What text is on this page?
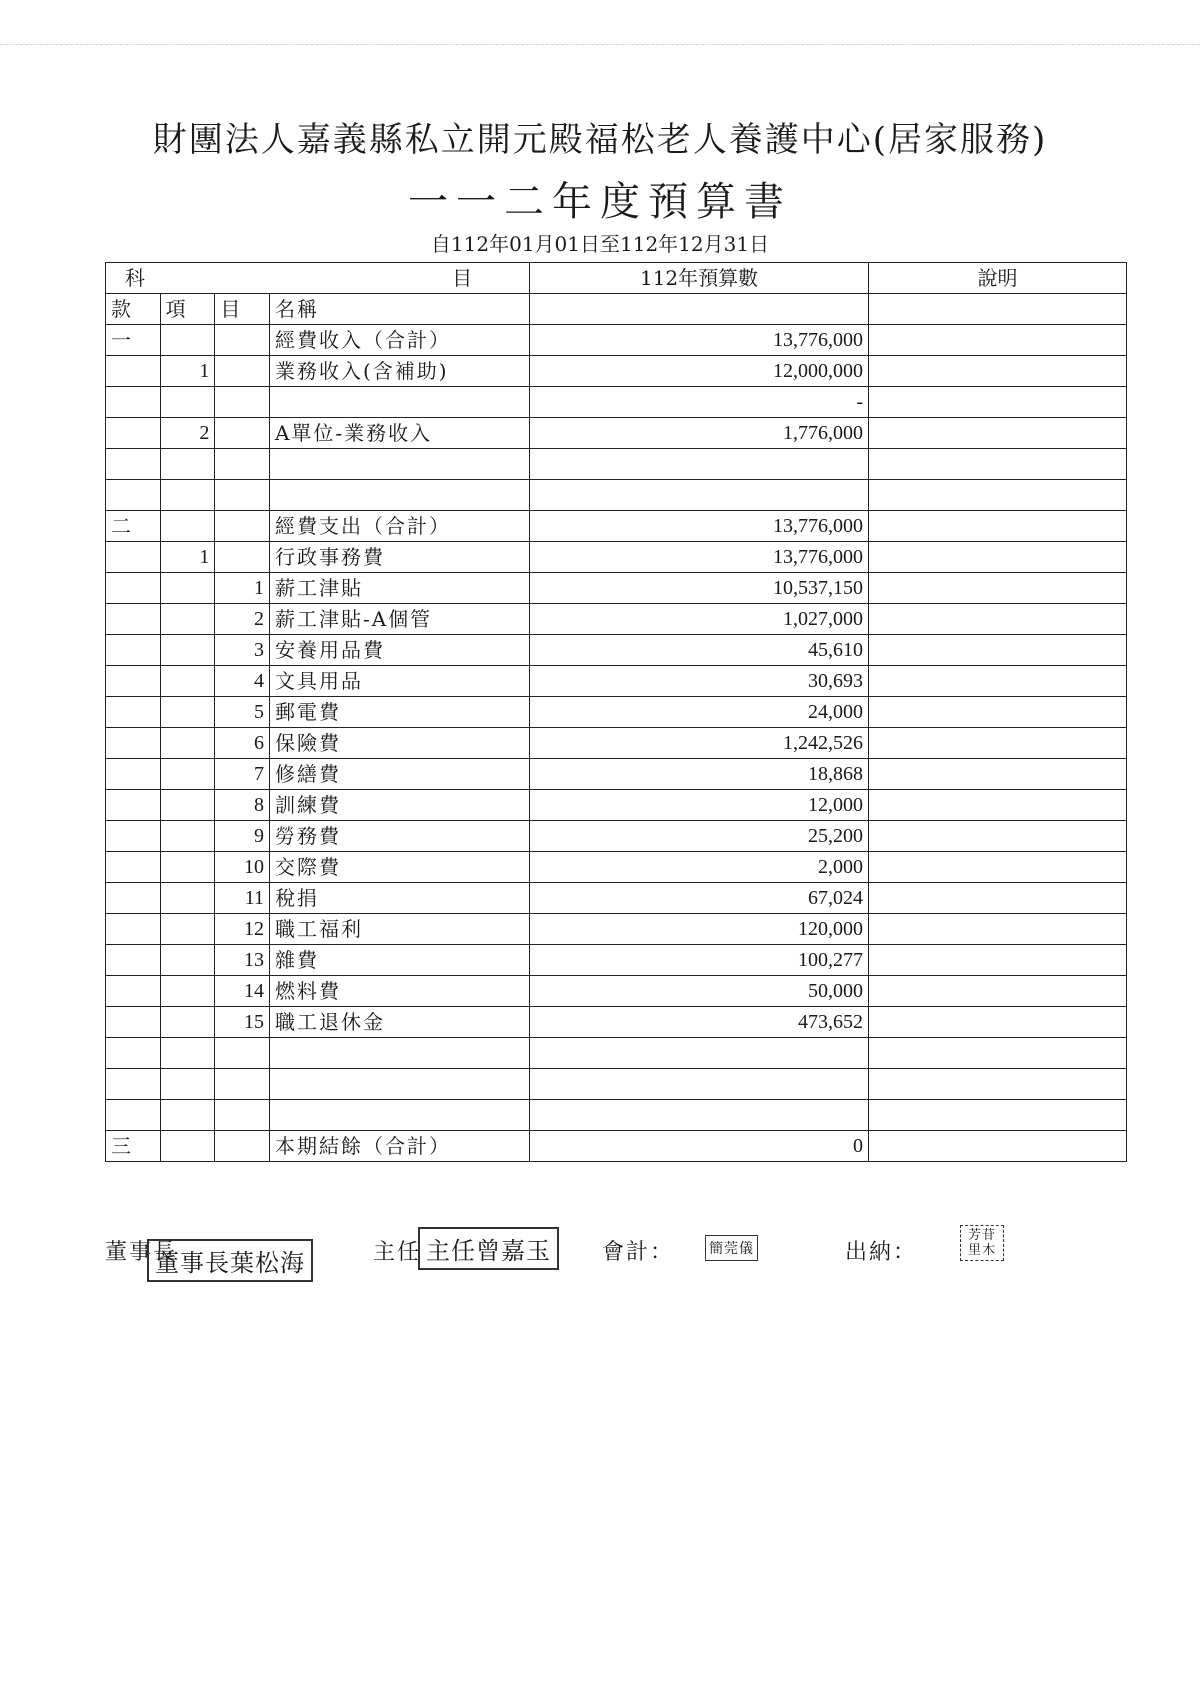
財團法人嘉義縣私立開元殿福松老人養護中心(居家服務)
一一二年度預算書
自112年01月01日至112年12月31日
科 目				112年預算數	說明
款	項	目	名稱		
一			經費收入（合計）	13,776,000	
	1		業務收入(含補助)	12,000,000	
				-	
	2		A單位-業務收入	1,776,000	

二			經費支出（合計）	13,776,000	
	1		行政事務費	13,776,000	
		1	薪工津貼	10,537,150	
		2	薪工津貼-A個管	1,027,000	
		3	安養用品費	45,610	
		4	文具用品	30,693	
		5	郵電費	24,000	
		6	保險費	1,242,526	
		7	修繕費	18,868	
		8	訓練費	12,000	
		9	勞務費	25,200	
		10	交際費	2,000	
		11	稅捐	67,024	
		12	職工福利	120,000	
		13	雜費	100,277	
		14	燃料費	50,000	
		15	職工退休金	473,652	

三			本期結餘（合計）	0	
董事長
董事長葉松海	主任 主任曾嘉玉	會計： 簡莞儀	出納：
芳苷里木
